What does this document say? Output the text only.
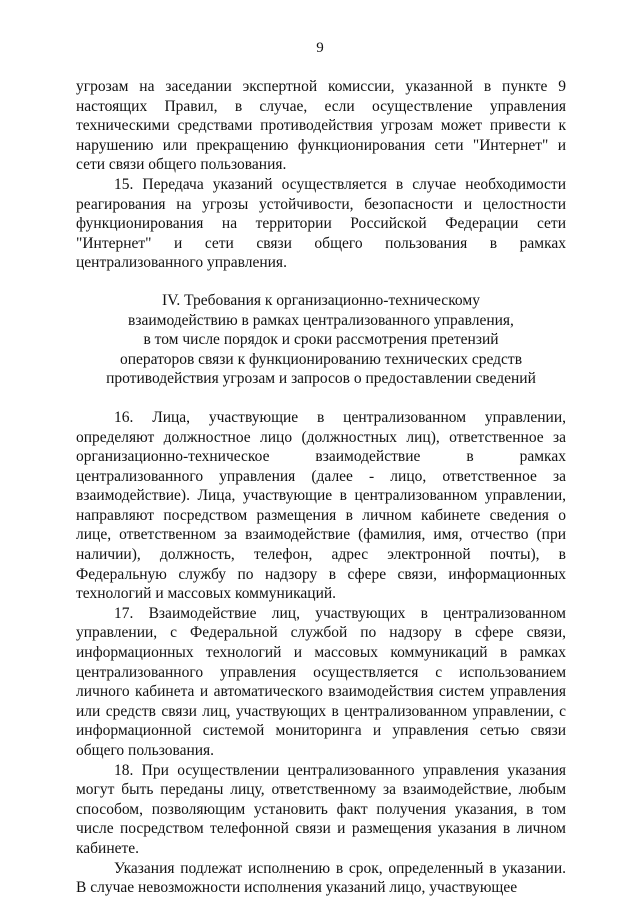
9

угрозам на заседании экспертной комиссии, указанной в пункте 9 настоящих Правил, в случае, если осуществление управления техническими средствами противодействия угрозам может привести к нарушению или прекращению функционирования сети "Интернет" и сети связи общего пользования.

15. Передача указаний осуществляется в случае необходимости реагирования на угрозы устойчивости, безопасности и целостности функционирования на территории Российской Федерации сети "Интернет" и сети связи общего пользования в рамках централизованного управления.

IV. Требования к организационно-техническому
взаимодействию в рамках централизованного управления,
в том числе порядок и сроки рассмотрения претензий
операторов связи к функционированию технических средств
противодействия угрозам и запросов о предоставлении сведений

16. Лица, участвующие в централизованном управлении, определяют должностное лицо (должностных лиц), ответственное за организационно-техническое взаимодействие в рамках централизованного управления (далее - лицо, ответственное за взаимодействие). Лица, участвующие в централизованном управлении, направляют посредством размещения в личном кабинете сведения о лице, ответственном за взаимодействие (фамилия, имя, отчество (при наличии), должность, телефон, адрес электронной почты), в Федеральную службу по надзору в сфере связи, информационных технологий и массовых коммуникаций.

17. Взаимодействие лиц, участвующих в централизованном управлении, с Федеральной службой по надзору в сфере связи, информационных технологий и массовых коммуникаций в рамках централизованного управления осуществляется с использованием личного кабинета и автоматического взаимодействия систем управления или средств связи лиц, участвующих в централизованном управлении, с информационной системой мониторинга и управления сетью связи общего пользования.

18. При осуществлении централизованного управления указания могут быть переданы лицу, ответственному за взаимодействие, любым способом, позволяющим установить факт получения указания, в том числе посредством телефонной связи и размещения указания в личном кабинете.

Указания подлежат исполнению в срок, определенный в указании. В случае невозможности исполнения указаний лицо, участвующее
